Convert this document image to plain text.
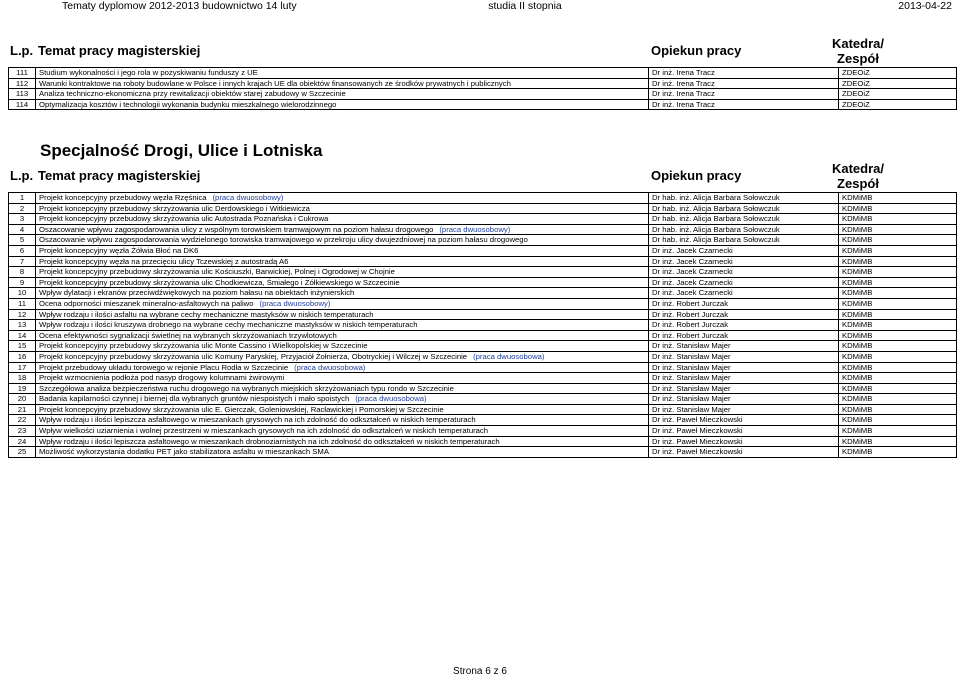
Tematy dyplomow 2012-2013 budownictwo 14 luty	studia II stopnia	2013-04-22
L.p. Temat pracy magisterskiej	Opiekun pracy	Katedra/
Zespół
111	Studium wykonalności i jego rola w pozyskiwaniu funduszy z UE	Dr inż. Irena Tracz	ZDEOiZ
112	Warunki kontraktowe na roboty budowlane w Polsce i innych krajach UE dla obiektów finansowanych ze środków prywatnych i publicznych	Dr inż. Irena Tracz	ZDEOiZ
113	Analiza techniczno-ekonomiczna przy rewitalizacji obiektów starej zabudowy w Szczecinie	Dr inż. Irena Tracz	ZDEOiZ
114	Optymalizacja kosztów i technologii wykonania budynku mieszkalnego wielorodzinnego	Dr inż. Irena Tracz	ZDEOiZ
Specjalność Drogi, Ulice i Lotniska
L.p. Temat pracy magisterskiej	Opiekun pracy	Katedra/
Zespół
1	Projekt koncepcyjny przebudowy węzła Rzęśnica (praca dwuosobowy)	Dr hab. inż. Alicja Barbara Sołowczuk	KDMiMB
2	Projekt koncepcyjny przebudowy skrzyżowania ulic Derdowskiego i Witkiewicza	Dr hab. inż. Alicja Barbara Sołowczuk	KDMiMB
3	Projekt koncepcyjny przebudowy skrzyżowania ulic Autostrada Poznańska i Cukrowa	Dr hab. inż. Alicja Barbara Sołowczuk	KDMiMB
4	Oszacowanie wpływu zagospodarowania ulicy z wspólnym torowiskiem tramwajowym na poziom hałasu drogowego (praca dwuosobowy)	Dr hab. inż. Alicja Barbara Sołowczuk	KDMiMB
5	Oszacowanie wpływu zagospodarowania wydzielonego torowiska tramwajowego w przekroju ulicy dwujezdniowej na poziom hałasu drogowego	Dr hab. inż. Alicja Barbara Sołowczuk	KDMiMB
6	Projekt koncepcyjny węzła Żółwia Błoć na DK6	Dr inż. Jacek Czarnecki	KDMiMB
7	Projekt koncepcyjny węzła na przecięciu ulicy Tczewskiej z autostradą A6	Dr inż. Jacek Czarnecki	KDMiMB
8	Projekt koncepcyjny przebudowy skrzyżowania ulic Kościuszki, Barwickiej, Polnej i Ogrodowej w Chojnie	Dr inż. Jacek Czarnecki	KDMiMB
9	Projekt koncepcyjny przebudowy skrzyżowania ulic Chodkiewicza, Śmiałego i Żółkiewskiego w Szczecinie	Dr inż. Jacek Czarnecki	KDMiMB
10	Wpływ dylatacji i ekranów przeciwdźwiękowych na poziom hałasu na obiektach inżynierskich	Dr inż. Jacek Czarnecki	KDMiMB
11	Ocena odporności mieszanek mineralno-asfaltowych na paliwo (praca dwuosobowy)	Dr inż. Robert Jurczak	KDMiMB
12	Wpływ rodzaju i ilości asfaltu na wybrane cechy mechaniczne mastyksów w niskich temperaturach	Dr inż. Robert Jurczak	KDMiMB
13	Wpływ rodzaju i ilości kruszywa drobnego na wybrane cechy mechaniczne mastyksów w niskich temperaturach	Dr inż. Robert Jurczak	KDMiMB
14	Ocena efektywności sygnalizacji świetlnej na wybranych skrzyżowaniach trzywlotowych	Dr inż. Robert Jurczak	KDMiMB
15	Projekt koncepcyjny przebudowy skrzyżowania ulic Monte Cassino i Wielkopolskiej w Szczecinie	Dr inż. Stanisław Majer	KDMiMB
16	Projekt koncepcyjny przebudowy skrzyżowania ulic Komuny Paryskiej, Przyjaciół Żołnierza, Obotryckiej i Wilczej w Szczecinie (praca dwuosobowa)	Dr inż. Stanisław Majer	KDMiMB
17	Projekt przebudowy układu torowego w rejonie Placu Rodła w Szczecinie (praca dwuosobowa)	Dr inż. Stanisław Majer	KDMiMB
18	Projekt wzmocnienia podłoża pod nasyp drogowy kolumnami żwirowymi	Dr inż. Stanisław Majer	KDMiMB
19	Szczegółowa analiza bezpieczeństwa ruchu drogowego na wybranych miejskich skrzyżowaniach typu rondo w Szczecinie	Dr inż. Stanisław Majer	KDMiMB
20	Badania kapilarności czynnej i biernej dla wybranych gruntów niespoistych i mało spoistych (praca dwuosobowa)	Dr inż. Stanisław Majer	KDMiMB
21	Projekt koncepcyjny przebudowy skrzyżowania ulic E. Gierczak, Goleniowskiej, Racławickiej i Pomorskiej w Szczecinie	Dr inż. Stanisław Majer	KDMiMB
22	Wpływ rodzaju i ilości lepiszcza asfaltowego w mieszankach grysowych na ich zdolność do odkształceń w niskich temperaturach	Dr inż. Paweł Mieczkowski	KDMiMB
23	Wpływ wielkości uziarnienia i wolnej przestrzeni w mieszankach grysowych na ich zdolność do odkształceń w niskich temperaturach	Dr inż. Paweł Mieczkowski	KDMiMB
24	Wpływ rodzaju i ilości lepiszcza asfaltowego w mieszankach drobnoziarnistych na ich zdolność do odkształceń w niskich temperaturach	Dr inż. Paweł Mieczkowski	KDMiMB
25	Możliwość wykorzystania dodatku PET jako stabilizatora asfaltu w mieszankach SMA	Dr inż. Paweł Mieczkowski	KDMiMB
Strona 6 z 6
